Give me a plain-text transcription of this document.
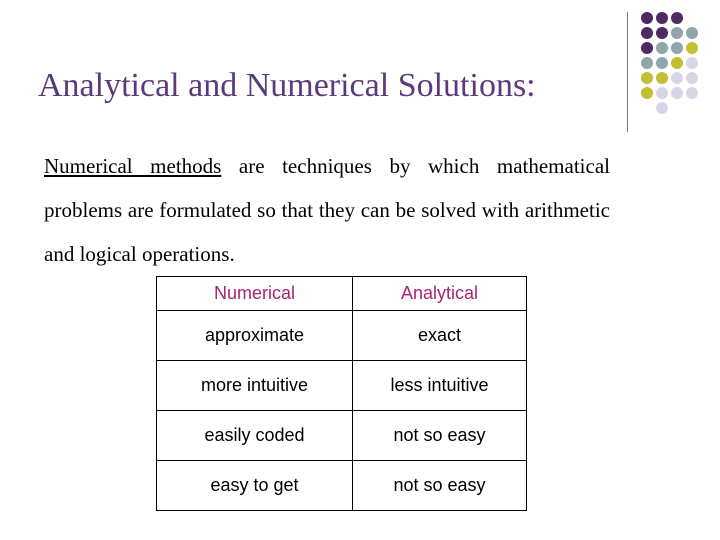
Analytical and Numerical Solutions:

Numerical methods are techniques by which mathematical problems are formulated so that they can be solved with arithmetic and logical operations.

Numerical	Analytical
approximate	exact
more intuitive	less intuitive
easily coded	not so easy
easy to get	not so easy
